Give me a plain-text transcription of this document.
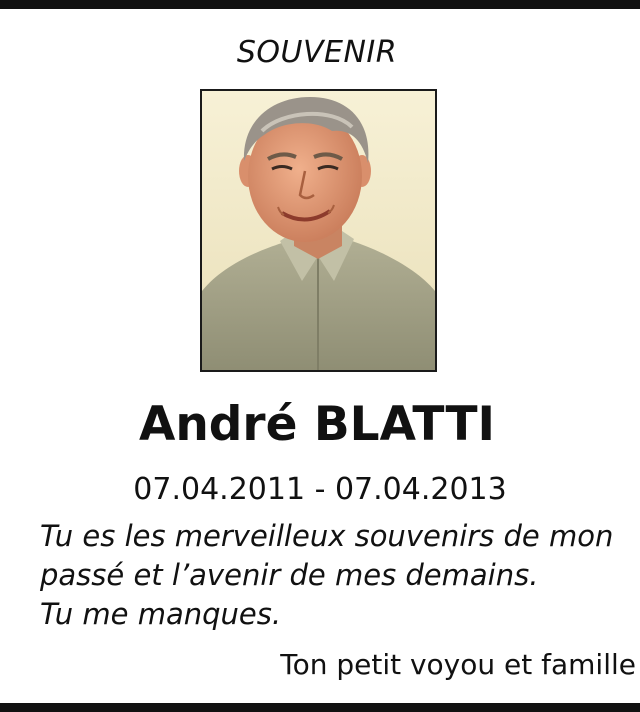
SOUVENIR
André BLATTI
07.04.2011 - 07.04.2013
Tu es les merveilleux souvenirs de mon
passé et l’avenir de mes demains.
Tu me manques.
Ton petit voyou et famille
